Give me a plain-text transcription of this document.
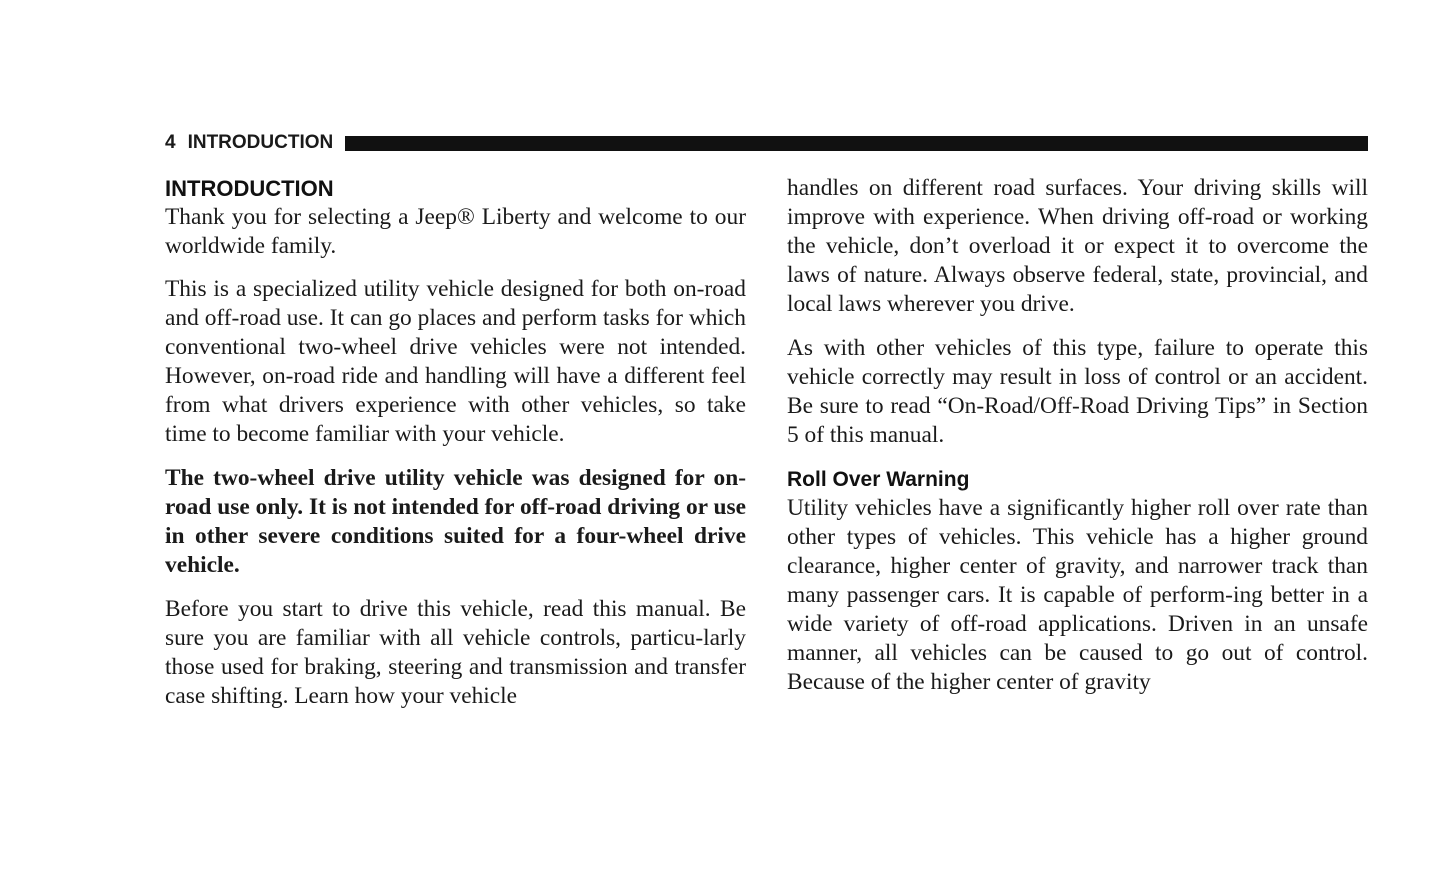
4 INTRODUCTION
INTRODUCTION

Thank you for selecting a Jeep® Liberty and welcome to our worldwide family.

This is a specialized utility vehicle designed for both on-road and off-road use. It can go places and perform tasks for which conventional two-wheel drive vehicles were not intended. However, on-road ride and handling will have a different feel from what drivers experience with other vehicles, so take time to become familiar with your vehicle.

The two-wheel drive utility vehicle was designed for on-road use only. It is not intended for off-road driving or use in other severe conditions suited for a four-wheel drive vehicle.

Before you start to drive this vehicle, read this manual. Be sure you are familiar with all vehicle controls, particu-larly those used for braking, steering and transmission and transfer case shifting. Learn how your vehicle

handles on different road surfaces. Your driving skills will improve with experience. When driving off-road or working the vehicle, don’t overload it or expect it to overcome the laws of nature. Always observe federal, state, provincial, and local laws wherever you drive.

As with other vehicles of this type, failure to operate this vehicle correctly may result in loss of control or an accident. Be sure to read “On-Road/Off-Road Driving Tips” in Section 5 of this manual.

Roll Over Warning

Utility vehicles have a significantly higher roll over rate than other types of vehicles. This vehicle has a higher ground clearance, higher center of gravity, and narrower track than many passenger cars. It is capable of perform-ing better in a wide variety of off-road applications. Driven in an unsafe manner, all vehicles can be caused to go out of control. Because of the higher center of gravity
